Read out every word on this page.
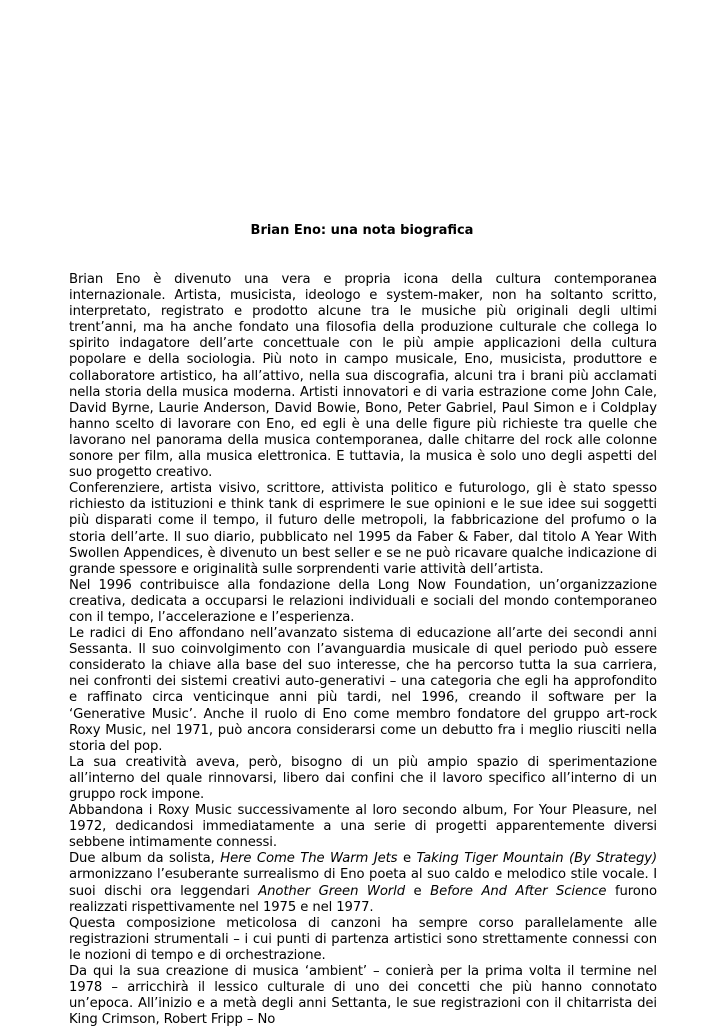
Brian Eno: una nota biografica

Brian Eno è divenuto una vera e propria icona della cultura contemporanea internazionale. Artista, musicista, ideologo e system-maker, non ha soltanto scritto, interpretato, registrato e prodotto alcune tra le musiche più originali degli ultimi trent’anni, ma ha anche fondato una filosofia della produzione culturale che collega lo spirito indagatore dell’arte concettuale con le più ampie applicazioni della cultura popolare e della sociologia. Più noto in campo musicale, Eno, musicista, produttore e collaboratore artistico, ha all’attivo, nella sua discografia, alcuni tra i brani più acclamati nella storia della musica moderna. Artisti innovatori e di varia estrazione come John Cale, David Byrne, Laurie Anderson, David Bowie, Bono, Peter Gabriel, Paul Simon e i Coldplay hanno scelto di lavorare con Eno, ed egli è una delle figure più richieste tra quelle che lavorano nel panorama della musica contemporanea, dalle chitarre del rock alle colonne sonore per film, alla musica elettronica. E tuttavia, la musica è solo uno degli aspetti del suo progetto creativo.

Conferenziere, artista visivo, scrittore, attivista politico e futurologo, gli è stato spesso richiesto da istituzioni e think tank di esprimere le sue opinioni e le sue idee sui soggetti più disparati come il tempo, il futuro delle metropoli, la fabbricazione del profumo o la storia dell’arte. Il suo diario, pubblicato nel 1995 da Faber & Faber, dal titolo A Year With Swollen Appendices, è divenuto un best seller e se ne può ricavare qualche indicazione di grande spessore e originalità sulle sorprendenti varie attività dell’artista.

Nel 1996 contribuisce alla fondazione della Long Now Foundation, un’organizzazione creativa, dedicata a occuparsi le relazioni individuali e sociali del mondo contemporaneo con il tempo, l’accelerazione e l’esperienza.

Le radici di Eno affondano nell’avanzato sistema di educazione all’arte dei secondi anni Sessanta. Il suo coinvolgimento con l’avanguardia musicale di quel periodo può essere considerato la chiave alla base del suo interesse, che ha percorso tutta la sua carriera, nei confronti dei sistemi creativi auto-generativi – una categoria che egli ha approfondito e raffinato circa venticinque anni più tardi, nel 1996, creando il software per la ‘Generative Music’. Anche il ruolo di Eno come membro fondatore del gruppo art-rock Roxy Music, nel 1971, può ancora considerarsi come un debutto fra i meglio riusciti nella storia del pop.

La sua creatività aveva, però, bisogno di un più ampio spazio di sperimentazione all’interno del quale rinnovarsi, libero dai confini che il lavoro specifico all’interno di un gruppo rock impone.

Abbandona i Roxy Music successivamente al loro secondo album, For Your Pleasure, nel 1972, dedicandosi immediatamente a una serie di progetti apparentemente diversi sebbene intimamente connessi.

Due album da solista, Here Come The Warm Jets e Taking Tiger Mountain (By Strategy) armonizzano l’esuberante surrealismo di Eno poeta al suo caldo e melodico stile vocale. I suoi dischi ora leggendari Another Green World e Before And After Science furono realizzati rispettivamente nel 1975 e nel 1977.

Questa composizione meticolosa di canzoni ha sempre corso parallelamente alle registrazioni strumentali – i cui punti di partenza artistici sono strettamente connessi con le nozioni di tempo e di orchestrazione.

Da qui la sua creazione di musica ‘ambient’ – conierà per la prima volta il termine nel 1978 – arricchirà il lessico culturale di uno dei concetti che più hanno connotato un’epoca. All’inizio e a metà degli anni Settanta, le sue registrazioni con il chitarrista dei King Crimson, Robert Fripp – No
